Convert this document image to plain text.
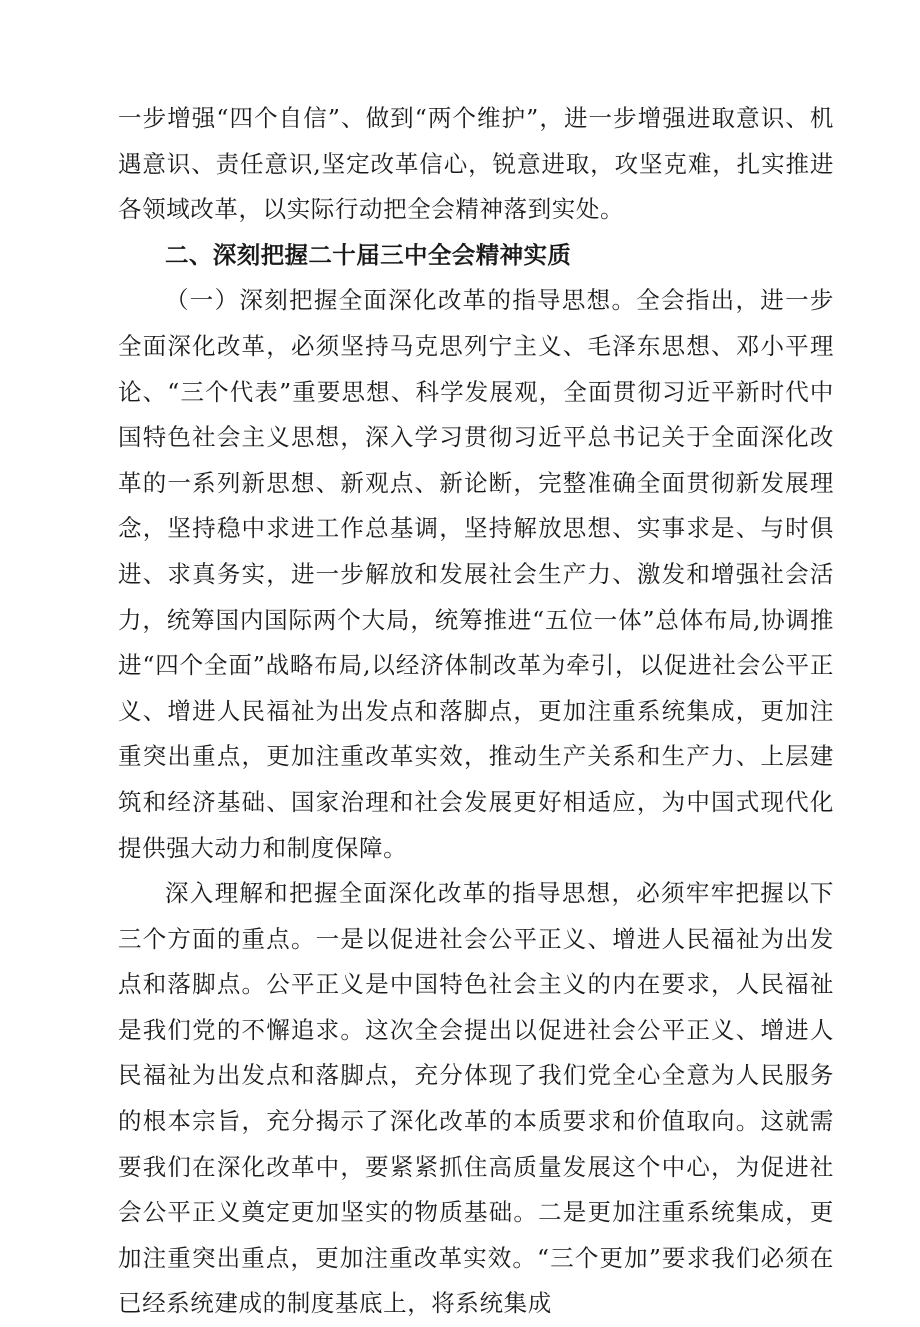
一步增强“四个自信”、做到“两个维护”，进一步增强进取意识、机遇意识、责任意识,坚定改革信心，锐意进取，攻坚克难，扎实推进各领域改革，以实际行动把全会精神落到实处。

二、深刻把握二十届三中全会精神实质

（一）深刻把握全面深化改革的指导思想。全会指出，进一步全面深化改革，必须坚持马克思列宁主义、毛泽东思想、邓小平理论、“三个代表”重要思想、科学发展观，全面贯彻习近平新时代中国特色社会主义思想，深入学习贯彻习近平总书记关于全面深化改革的一系列新思想、新观点、新论断，完整准确全面贯彻新发展理念，坚持稳中求进工作总基调，坚持解放思想、实事求是、与时俱进、求真务实，进一步解放和发展社会生产力、激发和增强社会活力，统筹国内国际两个大局，统筹推进“五位一体”总体布局,协调推进“四个全面”战略布局,以经济体制改革为牵引，以促进社会公平正义、增进人民福祉为出发点和落脚点，更加注重系统集成，更加注重突出重点，更加注重改革实效，推动生产关系和生产力、上层建筑和经济基础、国家治理和社会发展更好相适应，为中国式现代化提供强大动力和制度保障。

深入理解和把握全面深化改革的指导思想，必须牢牢把握以下三个方面的重点。一是以促进社会公平正义、增进人民福祉为出发点和落脚点。公平正义是中国特色社会主义的内在要求，人民福祉是我们党的不懈追求。这次全会提出以促进社会公平正义、增进人民福祉为出发点和落脚点，充分体现了我们党全心全意为人民服务的根本宗旨，充分揭示了深化改革的本质要求和价值取向。这就需要我们在深化改革中，要紧紧抓住高质量发展这个中心，为促进社会公平正义奠定更加坚实的物质基础。二是更加注重系统集成，更加注重突出重点，更加注重改革实效。“三个更加”要求我们必须在已经系统建成的制度基底上，将系统集成
